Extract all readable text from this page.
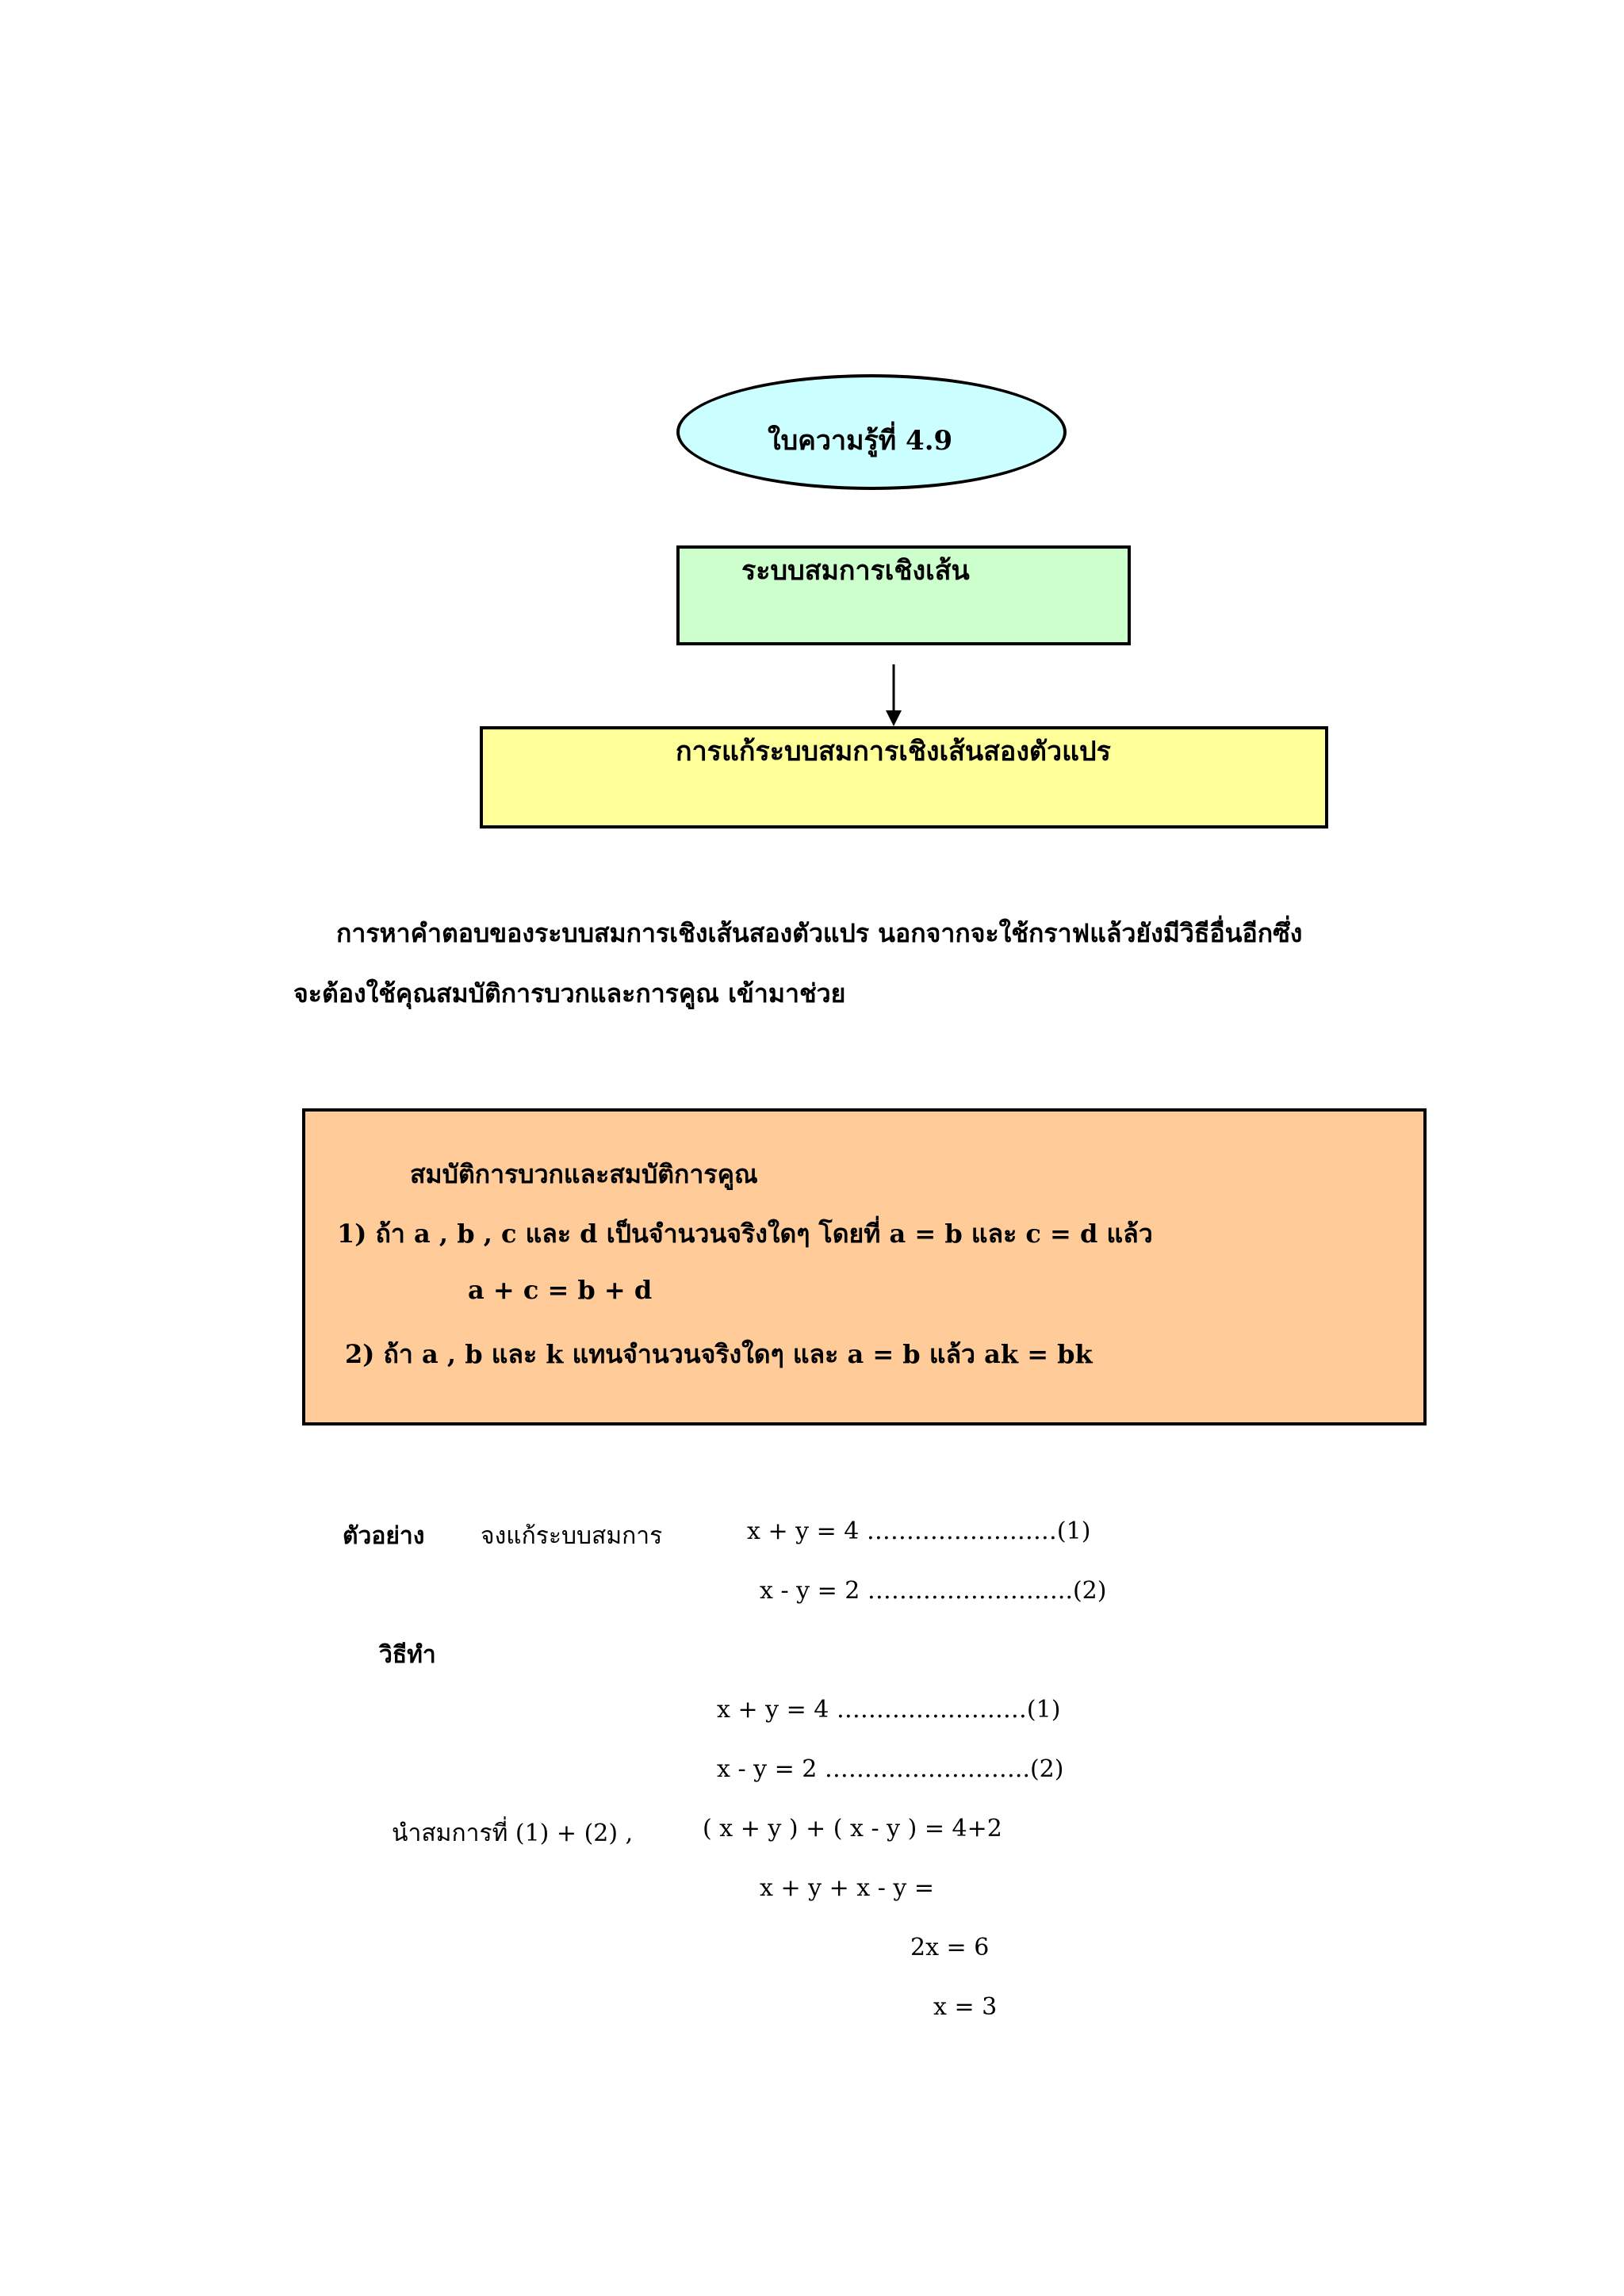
ใบความรู้ที่ 4.9
ระบบสมการเชิงเส้น
การแก้ระบบสมการเชิงเส้นสองตัวแปร
การหาคำตอบของระบบสมการเชิงเส้นสองตัวแปร นอกจากจะใช้กราฟแล้วยังมีวิธีอื่นอีกซึ่ง
จะต้องใช้คุณสมบัติการบวกและการคูณ เข้ามาช่วย
สมบัติการบวกและสมบัติการคูณ
1) ถ้า a , b , c และ d เป็นจำนวนจริงใดๆ โดยที่ a = b และ c = d แล้ว
a + c = b + d
2) ถ้า a , b และ k แทนจำนวนจริงใดๆ และ a = b แล้ว ak = bk
ตัวอย่าง จงแก้ระบบสมการ	x + y = 4 ……………………(1)
x - y = 2 ……………………..(2)
วิธีทำ
x + y = 4 ……………………(1)
x - y = 2 ……………………..(2)
นำสมการที่ (1) + (2) ,	( x + y ) + ( x - y ) = 4+2
x + y + x - y =
2x = 6
x = 3
